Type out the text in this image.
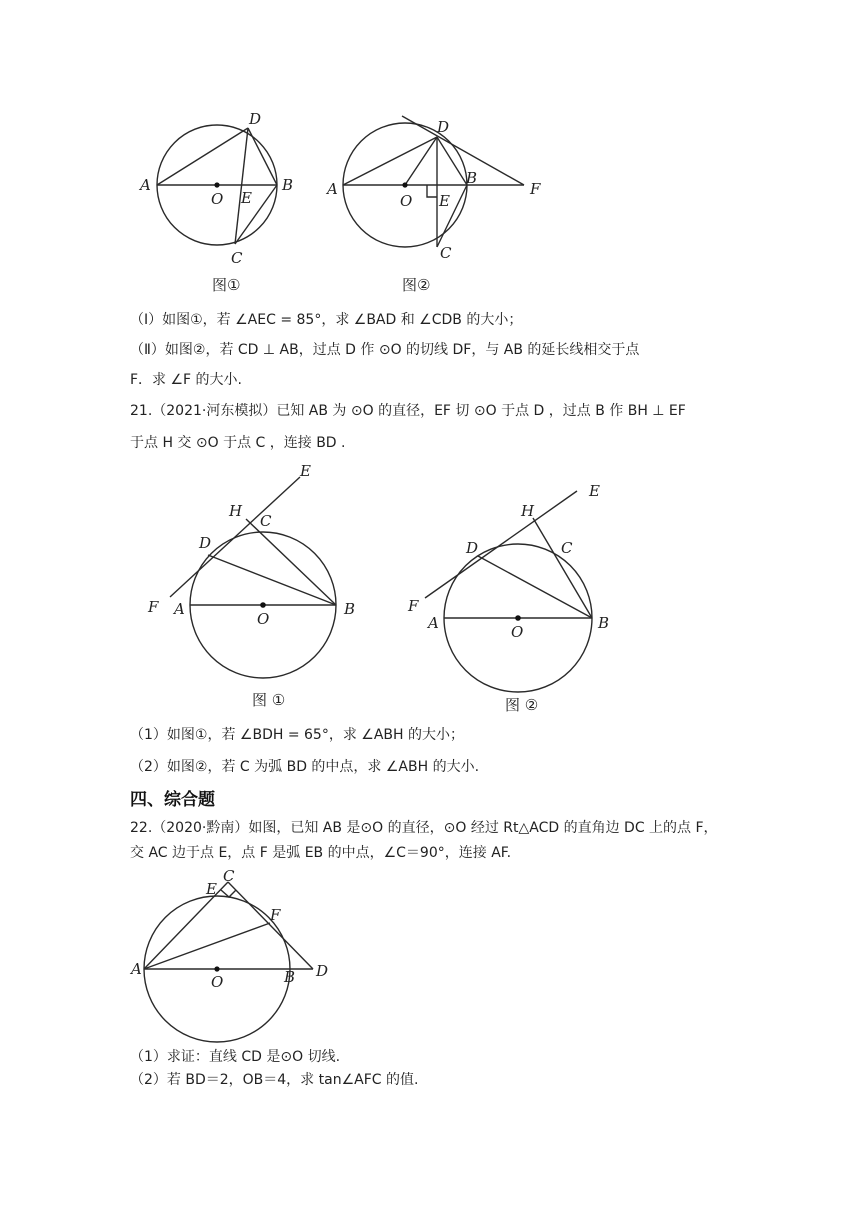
A	B
C
D
E
O
图①
A
B
C
D
E
F
O
图②
（Ⅰ）如图①，若 ∠AEC = 85°，求 ∠BAD 和 ∠CDB 的大小；
（Ⅱ）如图②，若 CD ⊥ AB，过点 D 作 ⊙O 的切线 DF，与 AB 的延长线相交于点
F．求 ∠F 的大小.
21.（2021·河东模拟）已知 AB 为 ⊙O 的直径，EF 切 ⊙O 于点 D ，过点 B 作 BH ⊥ EF
于点 H 交 ⊙O 于点 C ，连接 BD .
A	B
C
D
E
F
H
O
图 ①
A	B
C
D
E
F
H
O
图 ②
（1）如图①，若 ∠BDH = 65°，求 ∠ABH 的大小；
（2）如图②，若 C 为弧 BD 的中点，求 ∠ABH 的大小.
四、综合题
22.（2020·黔南）如图，已知 AB 是⊙O 的直径，⊙O 经过 Rt△ACD 的直角边 DC 上的点 F，
交 AC 边于点 E，点 F 是弧 EB 的中点，∠C＝90°，连接 AF.
A	B
C
D
E
F
O
（1）求证：直线 CD 是⊙O 切线.
（2）若 BD＝2，OB＝4，求 tan∠AFC 的值.
